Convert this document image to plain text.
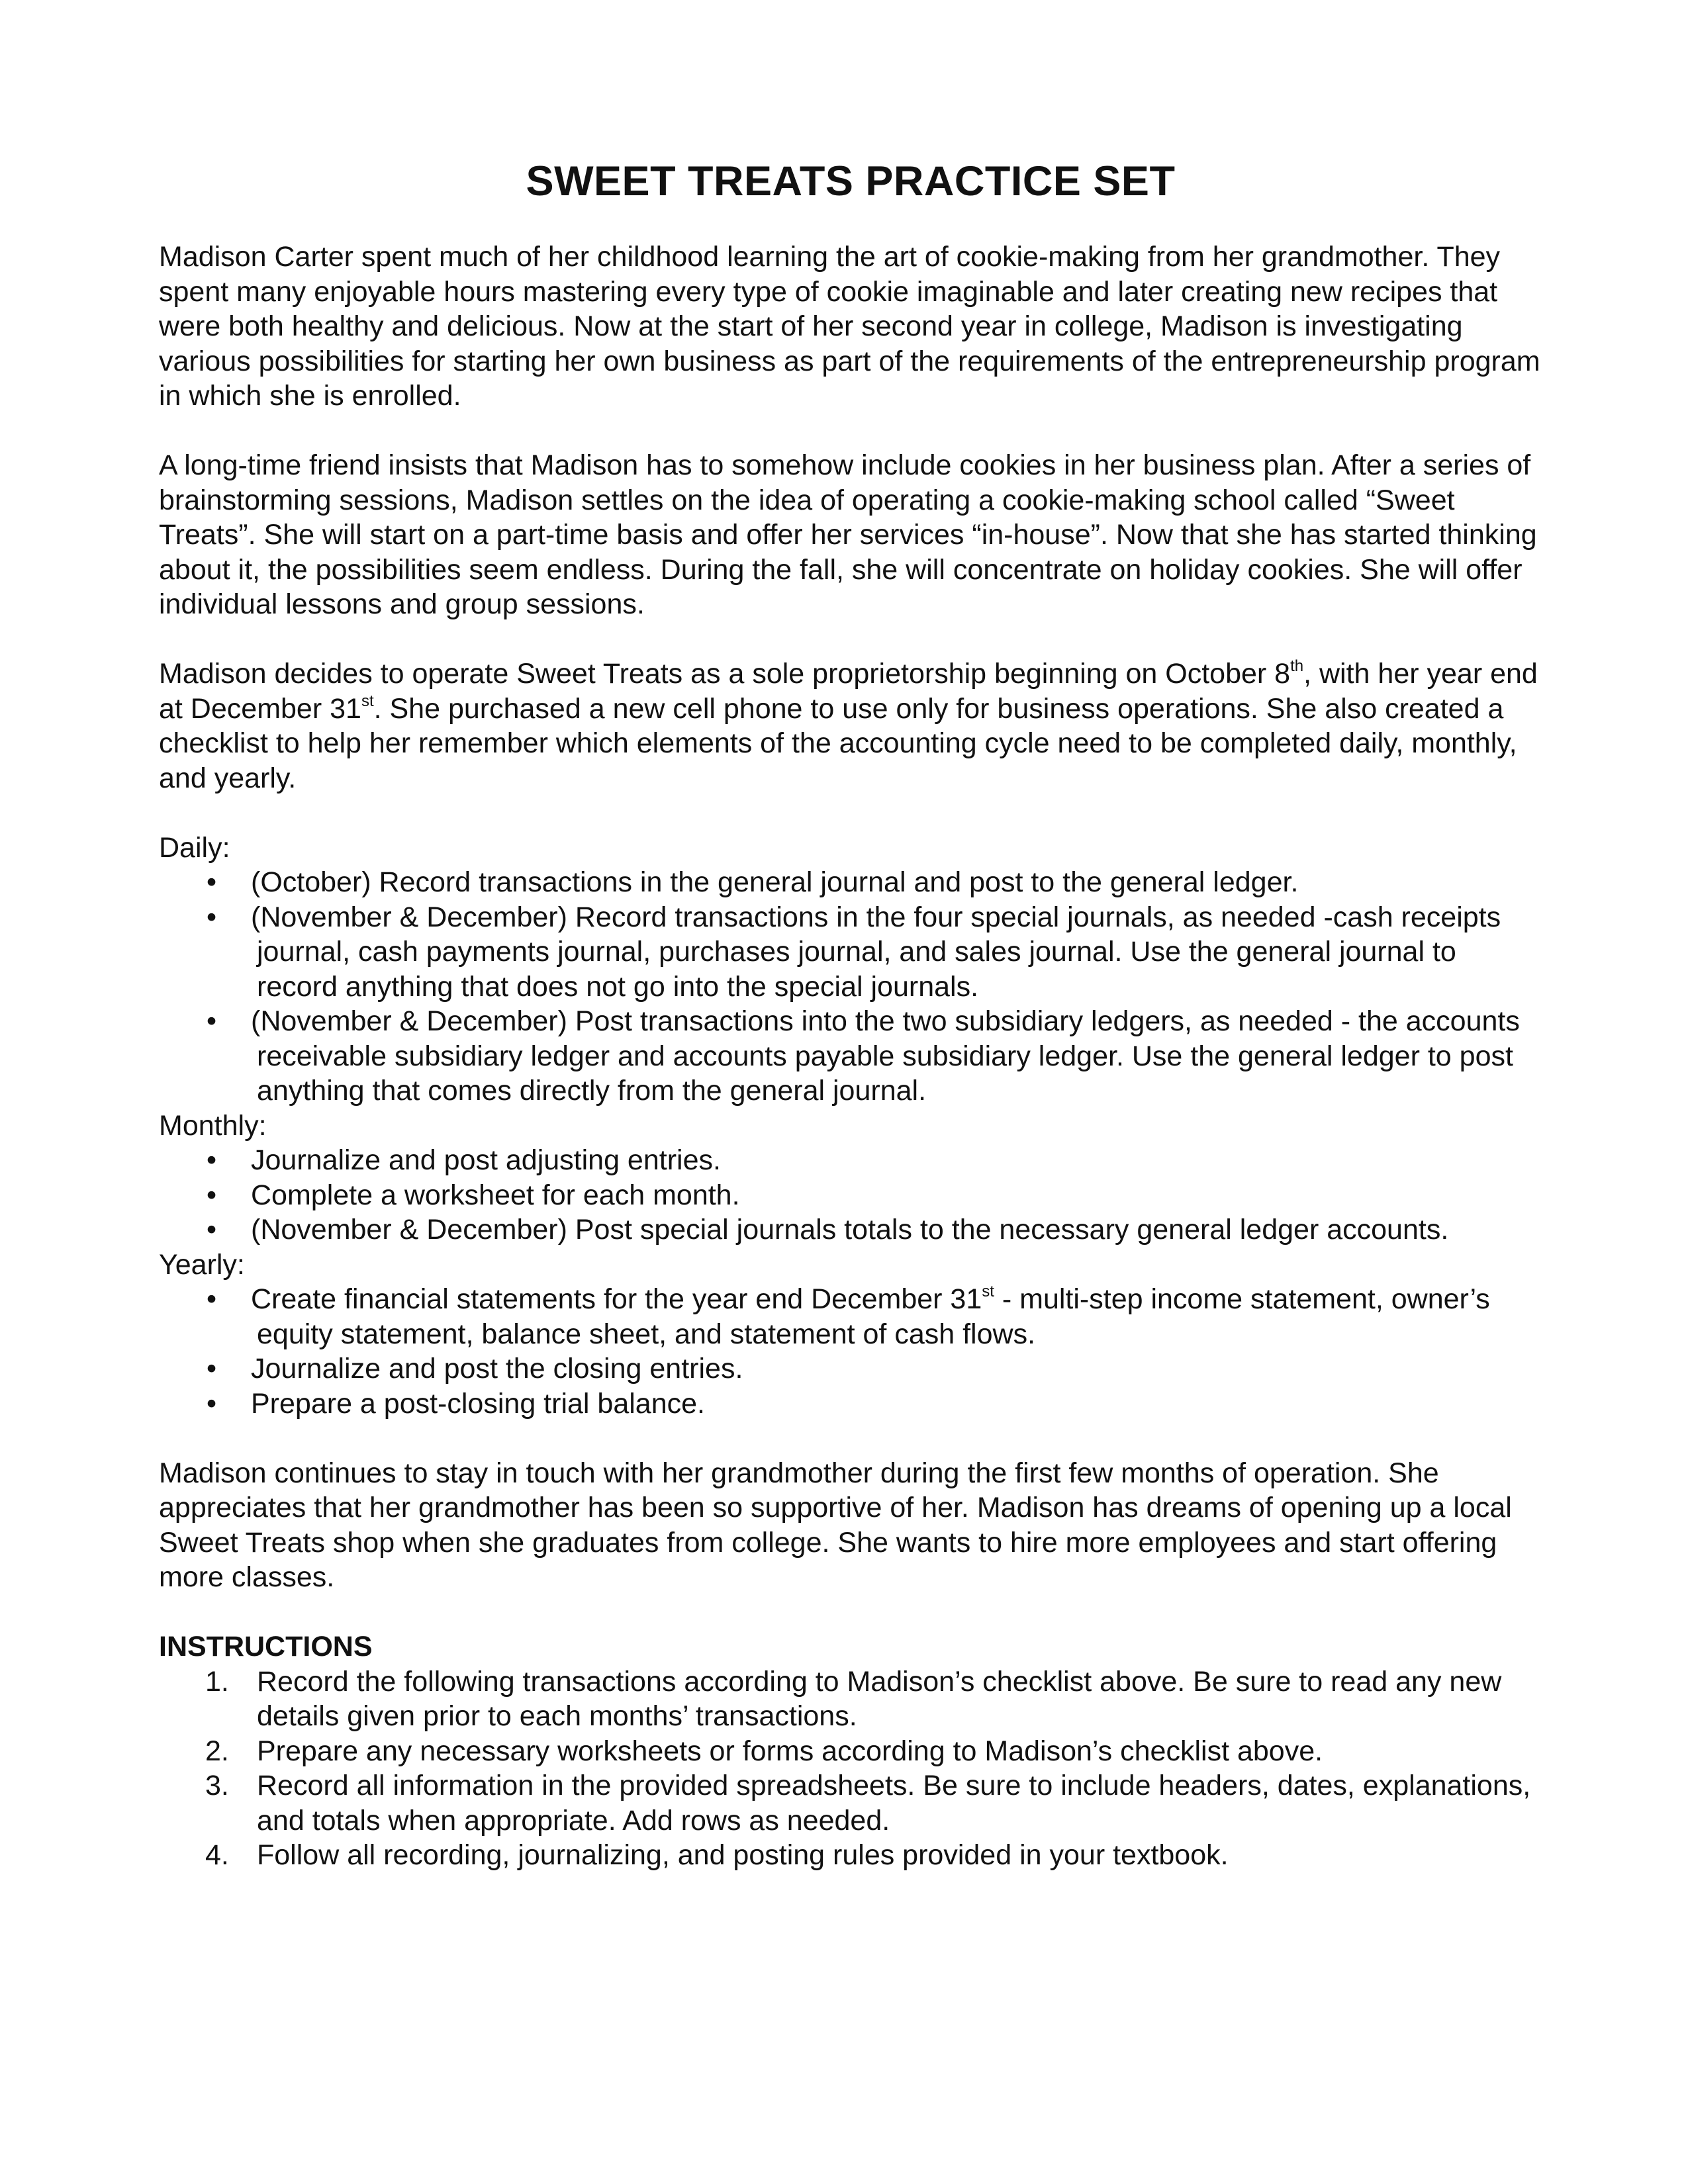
SWEET TREATS PRACTICE SET

Madison Carter spent much of her childhood learning the art of cookie-making from her grandmother. They spent many enjoyable hours mastering every type of cookie imaginable and later creating new recipes that were both healthy and delicious. Now at the start of her second year in college, Madison is investigating various possibilities for starting her own business as part of the requirements of the entrepreneurship program in which she is enrolled.

A long-time friend insists that Madison has to somehow include cookies in her business plan. After a series of brainstorming sessions, Madison settles on the idea of operating a cookie-making school called “Sweet Treats”. She will start on a part-time basis and offer her services “in-house”. Now that she has started thinking about it, the possibilities seem endless. During the fall, she will concentrate on holiday cookies. She will offer individual lessons and group sessions.

Madison decides to operate Sweet Treats as a sole proprietorship beginning on October 8th, with her year end at December 31st. She purchased a new cell phone to use only for business operations. She also created a checklist to help her remember which elements of the accounting cycle need to be completed daily, monthly, and yearly.

Daily:
• (October) Record transactions in the general journal and post to the general ledger.
• (November & December) Record transactions in the four special journals, as needed -cash receipts journal, cash payments journal, purchases journal, and sales journal. Use the general journal to record anything that does not go into the special journals.
• (November & December) Post transactions into the two subsidiary ledgers, as needed - the accounts receivable subsidiary ledger and accounts payable subsidiary ledger. Use the general ledger to post anything that comes directly from the general journal.
Monthly:
• Journalize and post adjusting entries.
• Complete a worksheet for each month.
• (November & December) Post special journals totals to the necessary general ledger accounts.
Yearly:
• Create financial statements for the year end December 31st - multi-step income statement, owner’s equity statement, balance sheet, and statement of cash flows.
• Journalize and post the closing entries.
• Prepare a post-closing trial balance.

Madison continues to stay in touch with her grandmother during the first few months of operation. She appreciates that her grandmother has been so supportive of her. Madison has dreams of opening up a local Sweet Treats shop when she graduates from college. She wants to hire more employees and start offering more classes.

INSTRUCTIONS
1. Record the following transactions according to Madison’s checklist above. Be sure to read any new details given prior to each months’ transactions.
2. Prepare any necessary worksheets or forms according to Madison’s checklist above.
3. Record all information in the provided spreadsheets. Be sure to include headers, dates, explanations, and totals when appropriate. Add rows as needed.
4. Follow all recording, journalizing, and posting rules provided in your textbook.
